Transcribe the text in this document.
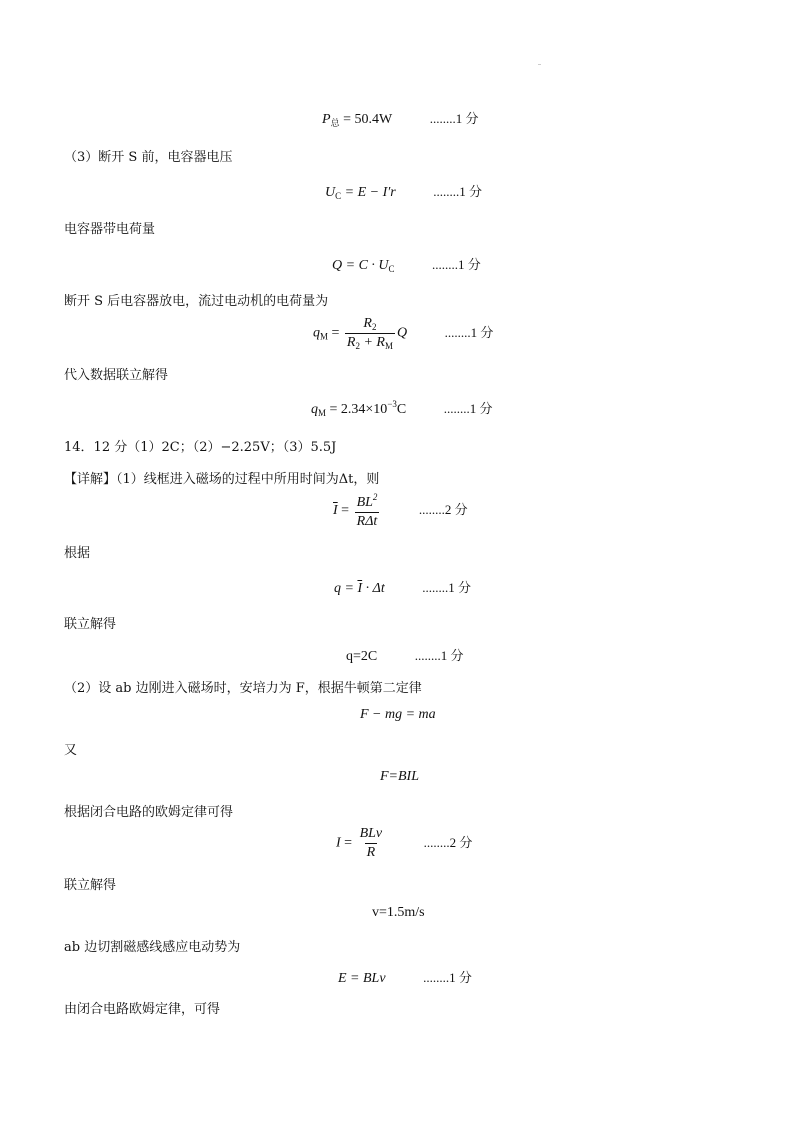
$P_总 = 50.4W$	........1 分
（3）断开 S 前，电容器电压
$U_C = E - I'r$	........1 分
电容器带电荷量
$Q = C \cdot U_C$	........1 分
断开 S 后电容器放电，流过电动机的电荷量为
$q_M = \frac{R_2}{R_2 + R_M}$ Q	........1 分
代入数据联立解得
$q_M = 2.34\times 10^{-3}C$	........1 分
14．12 分（1）2C；（2）−2.25V；（3）5.5J
【详解】（1）线框进入磁场的过程中所用时间为Δt，则
$\overline{I} = \frac{BL^2}{\text{RΔt}}$	........2 分
根据
$q = \overline{I} \cdot \Delta t$	........1 分
联立解得
q=2C	........1 分
（2）设 ab 边刚进入磁场时，安培力为 F，根据牛顿第二定律
F − mg = ma
又
F=BIL
根据闭合电路的欧姆定律可得
$I = \frac{\text{BLv}}{R}$	........2 分
联立解得
v=1.5m/s
ab 边切割磁感线感应电动势为
E = BLv	........1 分
由闭合电路欧姆定律，可得
